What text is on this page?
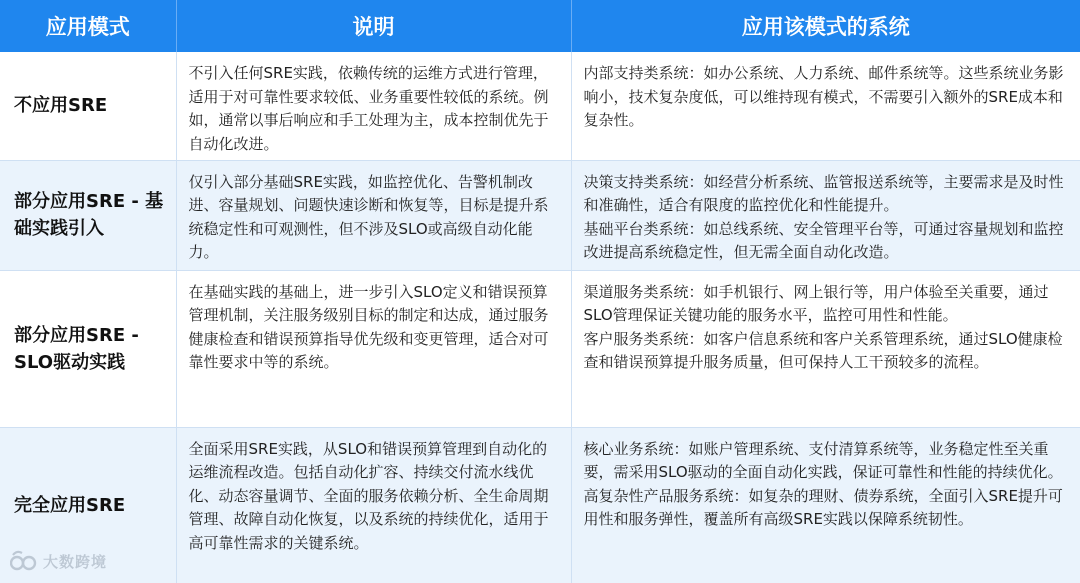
应用模式	说明	应用该模式的系统
不应用SRE	不引入任何SRE实践，依赖传统的运维方式进行管理，适用于对可靠性要求较低、业务重要性较低的系统。例如，通常以事后响应和手工处理为主，成本控制优先于自动化改进。	内部支持类系统：如办公系统、人力系统、邮件系统等。这些系统业务影响小，技术复杂度低，可以维持现有模式，不需要引入额外的SRE成本和复杂性。

部分应用SRE - 基础实践引入	仅引入部分基础SRE实践，如监控优化、告警机制改进、容量规划、问题快速诊断和恢复等，目标是提升系统稳定性和可观测性，但不涉及SLO或高级自动化能力。	决策支持类系统：如经营分析系统、监管报送系统等，主要需求是及时性和准确性，适合有限度的监控优化和性能提升。
基础平台类系统：如总线系统、安全管理平台等，可通过容量规划和监控改进提高系统稳定性，但无需全面自动化改造。

部分应用SRE - SLO驱动实践	在基础实践的基础上，进一步引入SLO定义和错误预算管理机制，关注服务级别目标的制定和达成，通过服务健康检查和错误预算指导优先级和变更管理，适合对可靠性要求中等的系统。	渠道服务类系统：如手机银行、网上银行等，用户体验至关重要，通过SLO管理保证关键功能的服务水平，监控可用性和性能。
客户服务类系统：如客户信息系统和客户关系管理系统，通过SLO健康检查和错误预算提升服务质量，但可保持人工干预较多的流程。

完全应用SRE	全面采用SRE实践，从SLO和错误预算管理到自动化的运维流程改造。包括自动化扩容、持续交付流水线优化、动态容量调节、全面的服务依赖分析、全生命周期管理、故障自动化恢复，以及系统的持续优化，适用于高可靠性需求的关键系统。	核心业务系统：如账户管理系统、支付清算系统等，业务稳定性至关重要，需采用SLO驱动的全面自动化实践，保证可靠性和性能的持续优化。
高复杂性产品服务系统：如复杂的理财、债券系统，全面引入SRE提升可用性和服务弹性，覆盖所有高级SRE实践以保障系统韧性。
大数跨境
